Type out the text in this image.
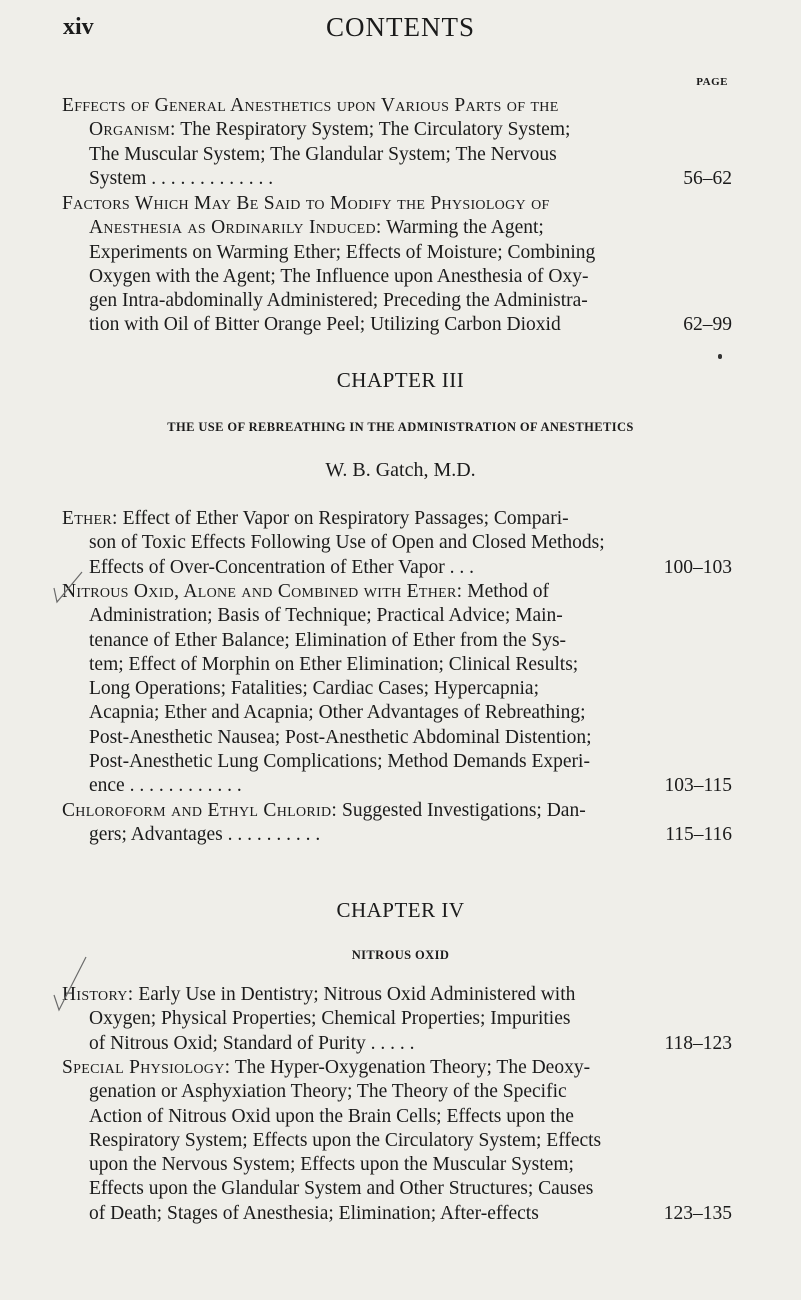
xiv	CONTENTS
PAGE
Effects of General Anesthetics upon Various Parts of the
Organism: The Respiratory System; The Circulatory System;
The Muscular System; The Glandular System; The Nervous
System . . . . . . . . . . . . .	56–62
Factors Which May Be Said to Modify the Physiology of
Anesthesia as Ordinarily Induced: Warming the Agent;
Experiments on Warming Ether; Effects of Moisture; Combining
Oxygen with the Agent; The Influence upon Anesthesia of Oxy-
gen Intra-abdominally Administered; Preceding the Administra-
tion with Oil of Bitter Orange Peel; Utilizing Carbon Dioxid	62–99
CHAPTER III
THE USE OF REBREATHING IN THE ADMINISTRATION OF ANESTHETICS
W. B. Gatch, M.D.
Ether: Effect of Ether Vapor on Respiratory Passages; Compari-
son of Toxic Effects Following Use of Open and Closed Methods;
Effects of Over-Concentration of Ether Vapor . . .	100–103
Nitrous Oxid, Alone and Combined with Ether: Method of
Administration; Basis of Technique; Practical Advice; Main-
tenance of Ether Balance; Elimination of Ether from the Sys-
tem; Effect of Morphin on Ether Elimination; Clinical Results;
Long Operations; Fatalities; Cardiac Cases; Hypercapnia;
Acapnia; Ether and Acapnia; Other Advantages of Rebreathing;
Post-Anesthetic Nausea; Post-Anesthetic Abdominal Distention;
Post-Anesthetic Lung Complications; Method Demands Experi-
ence . . . . . . . . . . . .	103–115
Chloroform and Ethyl Chlorid: Suggested Investigations; Dan-
gers; Advantages . . . . . . . . . .	115–116
CHAPTER IV
NITROUS OXID
History: Early Use in Dentistry; Nitrous Oxid Administered with
Oxygen; Physical Properties; Chemical Properties; Impurities
of Nitrous Oxid; Standard of Purity . . . . .	118–123
Special Physiology: The Hyper-Oxygenation Theory; The Deoxy-
genation or Asphyxiation Theory; The Theory of the Specific
Action of Nitrous Oxid upon the Brain Cells; Effects upon the
Respiratory System; Effects upon the Circulatory System; Effects
upon the Nervous System; Effects upon the Muscular System;
Effects upon the Glandular System and Other Structures; Causes
of Death; Stages of Anesthesia; Elimination; After-effects	123–135
